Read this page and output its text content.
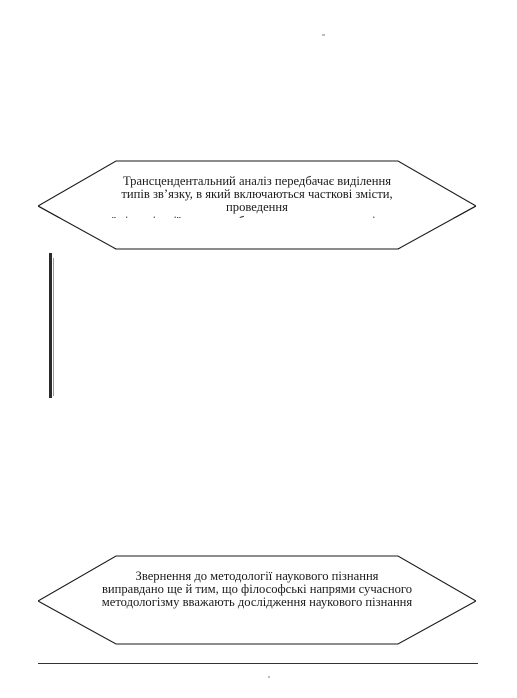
Трансцендентальний аналіз передбачає виділення
типів зв’язку, в який включаються часткові змісти, проведення

Звернення до методології наукового пізнання
виправдано ще й тим, що філософські напрями сучасного
методологізму вважають дослідження наукового пізнання
